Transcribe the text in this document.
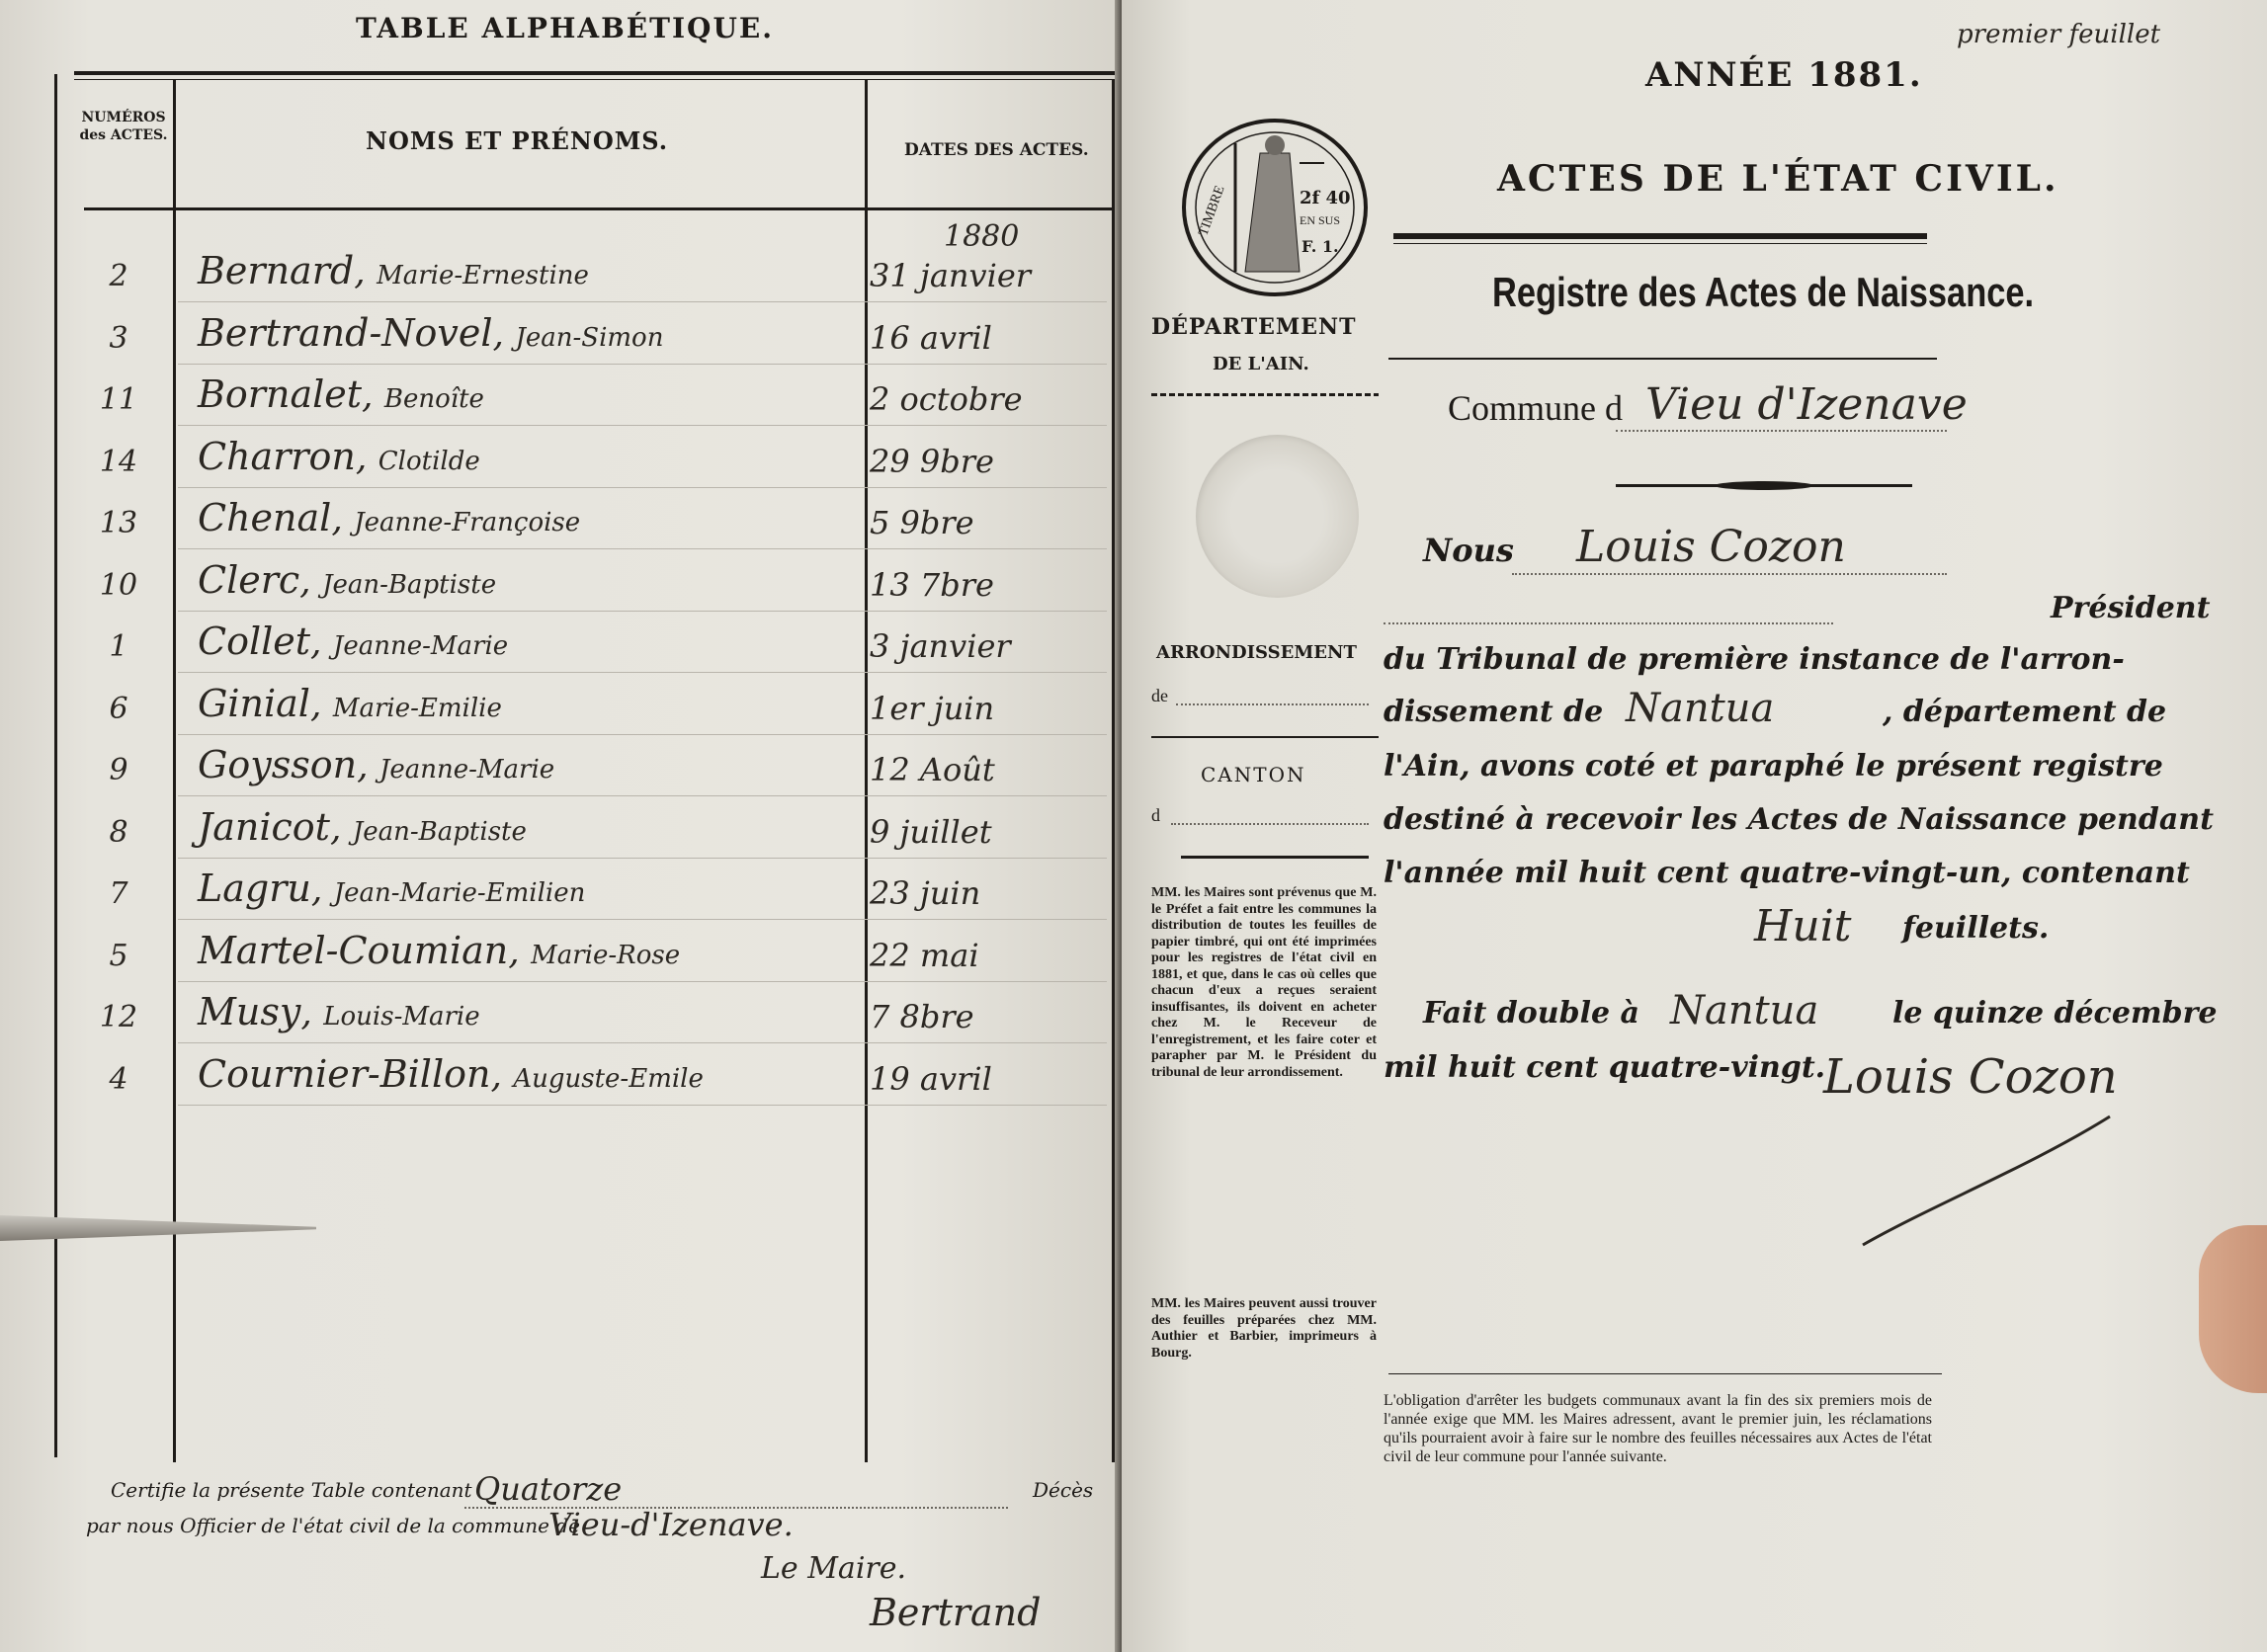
TABLE ALPHABÉTIQUE.
NUMÉROS des ACTES.	NOMS ET PRÉNOMS.	DATES DES ACTES.
1880
2	Bernard, Marie-Ernestine	31 janvier
3	Bertrand-Novel, Jean-Simon	16 avril
11 Bornalet, Benoîte	2 octobre
14 Charron, Clotilde	29 9bre
13 Chenal, Jeanne-Françoise	5 9bre
10 Clerc, Jean-Baptiste	13 7bre
1	Collet, Jeanne-Marie	3 janvier
6	Ginial, Marie-Emilie	1er juin
9	Goysson, Jeanne-Marie	12 Août
8	Janicot, Jean-Baptiste	9 juillet
7	Lagru, Jean-Marie-Emilien	23 juin
5	Martel-Coumian, Marie-Rose	22 mai
12 Musy, Louis-Marie	7 8bre
4	Cournier-Billon, Auguste-Emile	19 avril
Certifie la présente Table contenant Quatorze	Décès
par nous Officier de l'état civil de la commune de
Vieu-d'Izenave.
Le Maire.
Bertrand
premier feuillet
ANNÉE 1881.
ACTES DE L'ÉTAT CIVIL.
Registre des Actes de Naissance.
TIMBRE	2f 40
EN SUS
F. 1.
DÉPARTEMENT
DE L'AIN.
Commune d Vieu d'Izenave
Nous Louis Cozon
Président
du Tribunal de première instance de l'arron-
dissement de Nantua	, département de
l'Ain, avons coté et paraphé le présent registre
destiné à recevoir les Actes de Naissance pendant
l'année mil huit cent quatre-vingt-un, contenant
Huit feuillets.
Fait double à Nantua le quinze décembre
mil huit cent quatre-vingt.
Louis Cozon
ARRONDISSEMENT
de
CANTON
d
MM. les Maires sont prévenus que M. le Préfet a fait entre les communes la distribution de toutes les feuilles de papier timbré, qui ont été imprimées pour les registres de l'état civil en 1881, et que, dans le cas où celles que chacun d'eux a reçues seraient insuffisantes, ils doivent en acheter chez M. le Receveur de l'enregistrement, et les faire coter et parapher par M. le Président du tribunal de leur arrondissement.
MM. les Maires peuvent aussi trouver des feuilles préparées chez MM. Authier et Barbier, imprimeurs à Bourg.
L'obligation d'arrêter les budgets communaux avant la fin des six premiers mois de l'année exige que MM. les Maires adressent, avant le premier juin, les réclamations qu'ils pourraient avoir à faire sur le nombre des feuilles nécessaires aux Actes de l'état civil de leur commune pour l'année suivante.
